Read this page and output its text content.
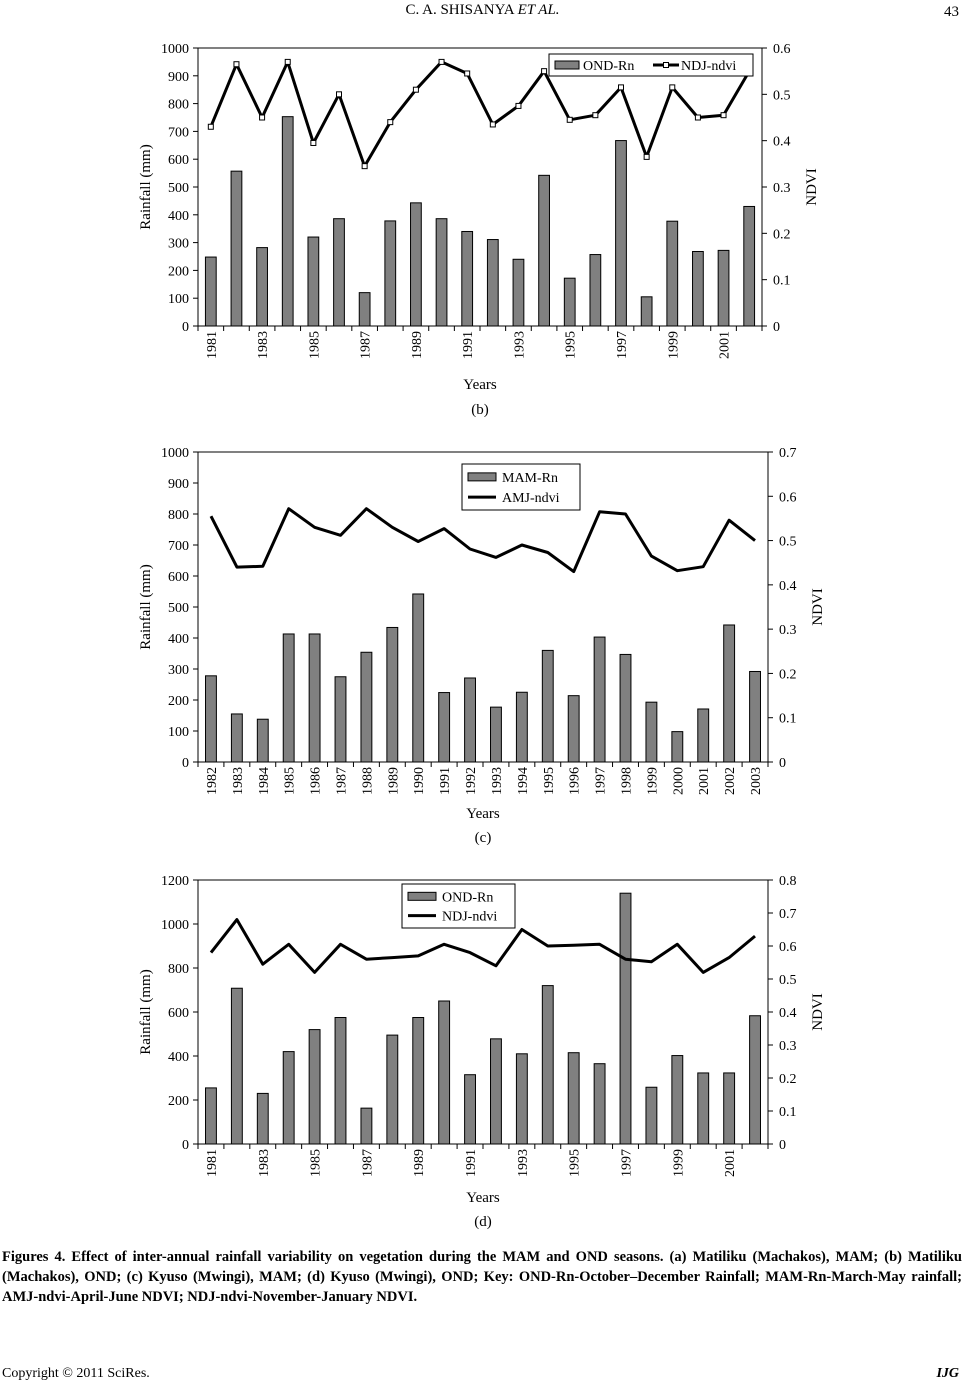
C. A. SHISANYA ET AL.	43
0
100
200
300
400
500
600
700
800
900
1000
0
0.1
0.2
0.3
0.4
0.5
0.6
1981	1983	1985	1987	1989	1991	1993	1995	1997	1999	2001
Rainfall (mm)	NDVI
Years
(b)
OND-Rn	NDJ-ndvi
0
100
200
300
400
500
600
700
800
900
1000
0
0.1
0.2
0.3
0.4
0.5
0.6
0.7
1982 1983 1984 1985 1986 1987 1988 1989 1990 1991 1992 1993 1994 1995 1996 1997 1998 1999 2000 2001 2002 2003
Rainfall (mm)	NDVI
Years
(c)
MAM-Rn
AMJ-ndvi
0
200
400
600
800
1000
1200
0
0.1
0.2
0.3
0.4
0.5
0.6
0.7
0.8
1981	1983	1985	1987	1989	1991	1993	1995	1997	1999	2001
Rainfall (mm)	NDVI
Years
(d)
OND-Rn
NDJ-ndvi
Figures 4. Effect of inter-annual rainfall variability on vegetation during the MAM and OND seasons. (a) Matiliku (Machakos), MAM; (b) Matiliku (Machakos), OND; (c) Kyuso (Mwingi), MAM; (d) Kyuso (Mwingi), OND; Key: OND-Rn-October–December Rainfall; MAM-Rn-March-May rainfall; AMJ-ndvi-April-June NDVI; NDJ-ndvi-November-January NDVI.
Copyright © 2011 SciRes.	IJG
